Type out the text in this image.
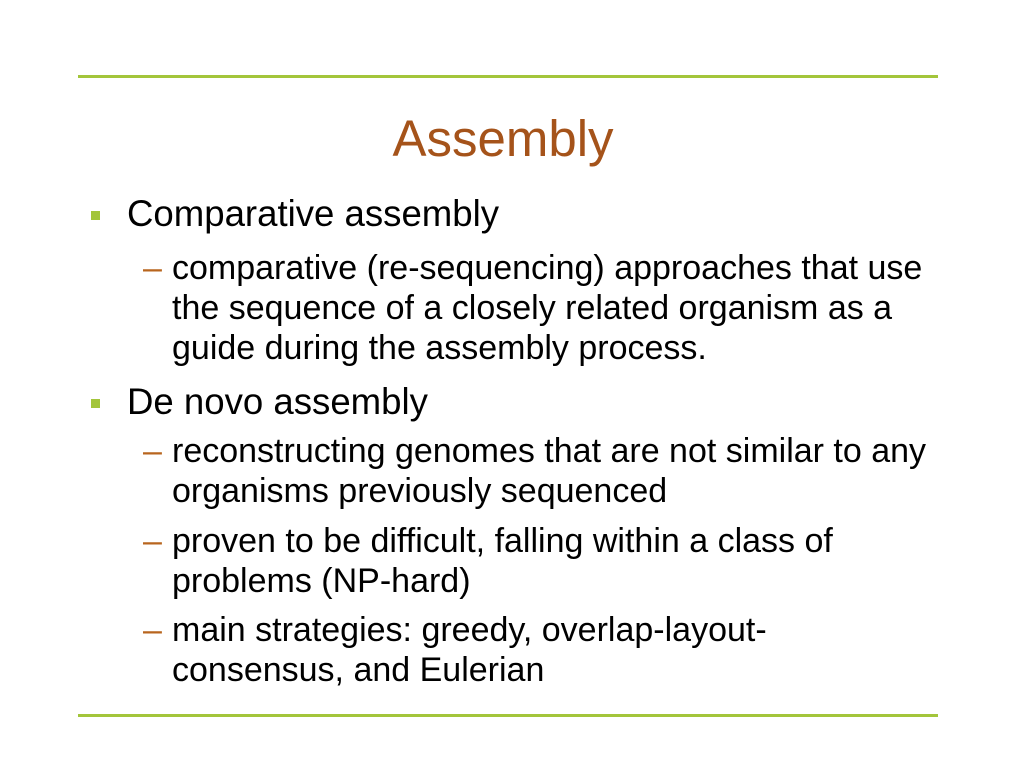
Assembly
Comparative assembly
– comparative (re-sequencing) approaches that use
the sequence of a closely related organism as a
guide during the assembly process.
De novo assembly
– reconstructing genomes that are not similar to any
organisms previously sequenced
– proven to be difficult, falling within a class of
problems (NP-hard)
– main strategies: greedy, overlap-layout-
consensus, and Eulerian
